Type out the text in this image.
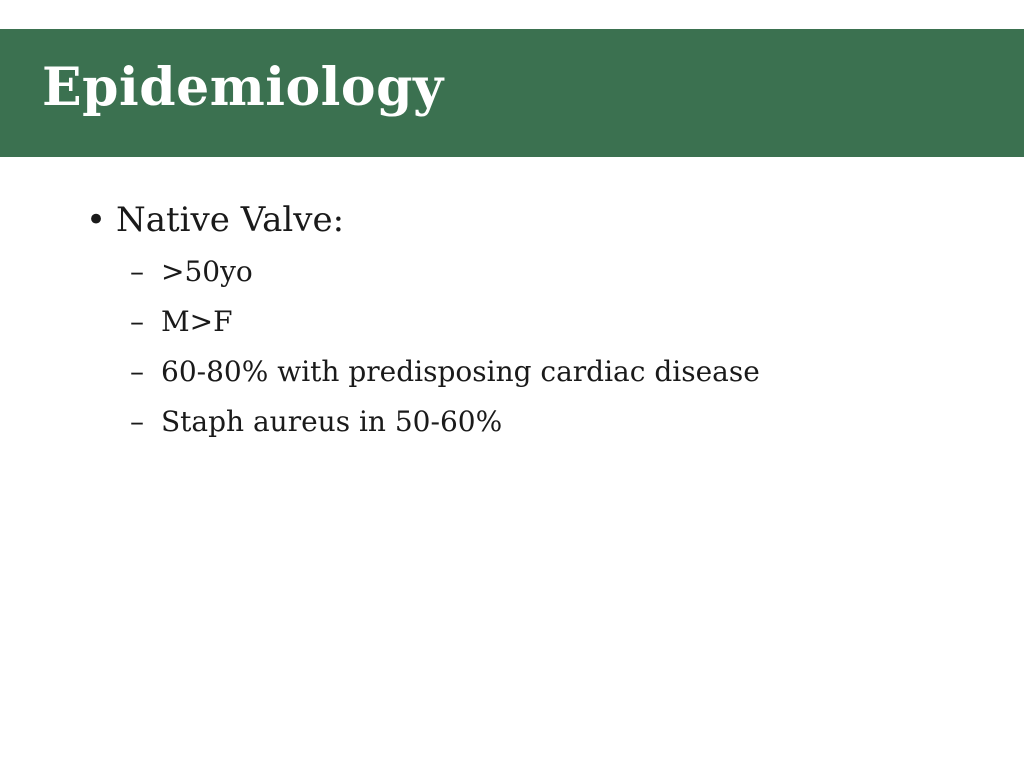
Epidemiology
• Native Valve:
– >50yo
– M>F
– 60-80% with predisposing cardiac disease
– Staph aureus in 50-60%
